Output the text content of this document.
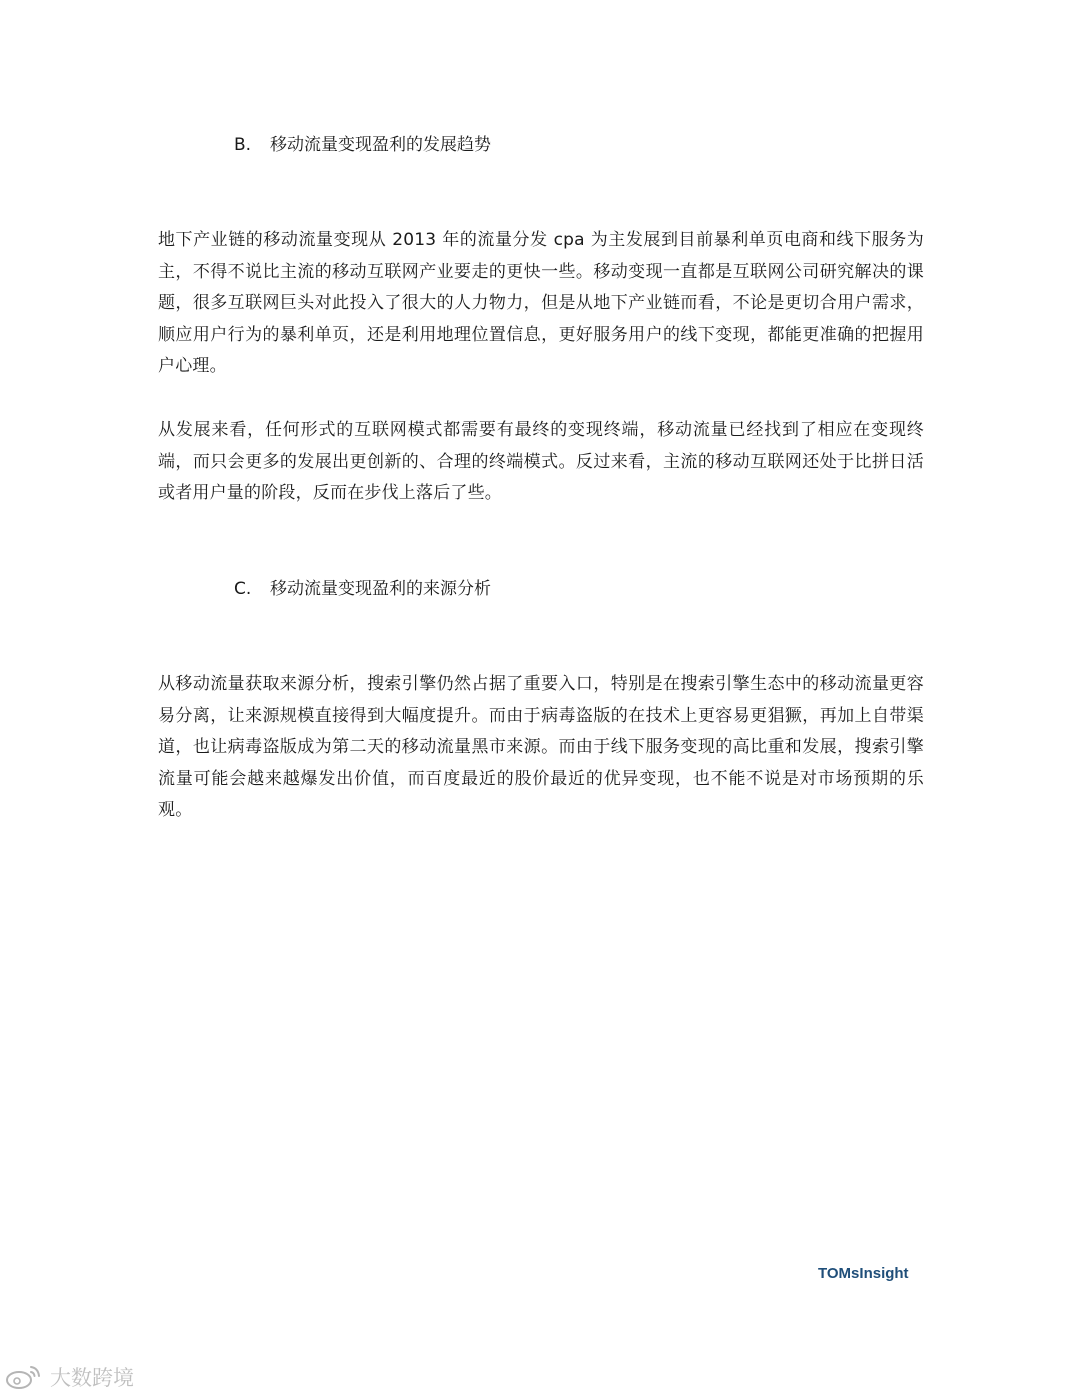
B. 移动流量变现盈利的发展趋势

地下产业链的移动流量变现从 2013 年的流量分发 cpa 为主发展到目前暴利单页电商和线下服务为主，不得不说比主流的移动互联网产业要走的更快一些。移动变现一直都是互联网公司研究解决的课题，很多互联网巨头对此投入了很大的人力物力，但是从地下产业链而看，不论是更切合用户需求，顺应用户行为的暴利单页，还是利用地理位置信息，更好服务用户的线下变现，都能更准确的把握用户心理。

从发展来看，任何形式的互联网模式都需要有最终的变现终端，移动流量已经找到了相应在变现终端，而只会更多的发展出更创新的、合理的终端模式。反过来看，主流的移动互联网还处于比拼日活或者用户量的阶段，反而在步伐上落后了些。

C. 移动流量变现盈利的来源分析

从移动流量获取来源分析，搜索引擎仍然占据了重要入口，特别是在搜索引擎生态中的移动流量更容易分离，让来源规模直接得到大幅度提升。而由于病毒盗版的在技术上更容易更猖獗，再加上自带渠道，也让病毒盗版成为第二天的移动流量黑市来源。而由于线下服务变现的高比重和发展，搜索引擎流量可能会越来越爆发出价值，而百度最近的股价最近的优异变现，也不能不说是对市场预期的乐观。

TOMsInsight
大数跨境
